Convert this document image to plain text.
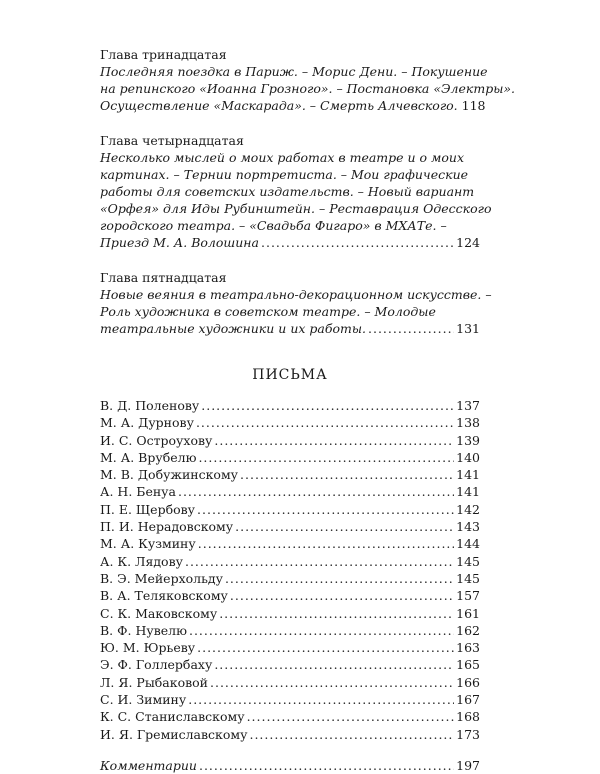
Глава тринадцатая
Последняя поездка в Париж. – Морис Дени. – Покушение
на репинского «Иоанна Грозного». – Постановка «Электры».
Осуществление «Маскарада». – Смерть Алчевского. 118
Глава четырнадцатая
Несколько мыслей о моих работах в театре и о моих
картинах. – Тернии портретиста. – Мои графические
работы для советских издательств. – Новый вариант
«Орфея» для Иды Рубинштейн. – Реставрация Одесского
городского театра. – «Свадьба Фигаро» в МХАТе. –
Приезд М. А. Волошина .....	124
Глава пятнадцатая
Новые веяния в театрально-декорационном искусстве. –
Роль художника в советском театре. – Молодые
театральные художники и их работы. .....	131
ПИСЬМА
В. Д. Поленову .....	137
М. А. Дурнову .....	138
И. С. Остроухову .....	139
М. А. Врубелю .....	140
М. В. Добужинскому .....	141
А. Н. Бенуа .....	141
П. Е. Щербову .....	142
П. И. Нерадовскому .....	143
М. А. Кузмину .....	144
А. К. Лядову .....	145
В. Э. Мейерхольду .....	145
В. А. Теляковскому .....	157
С. К. Маковскому .....	161
В. Ф. Нувелю .....	162
Ю. М. Юрьеву .....	163
Э. Ф. Голлербаху .....	165
Л. Я. Рыбаковой .....	166
С. И. Зимину .....	167
К. С. Станиславскому .....	168
И. Я. Гремиславскому .....	173
Комментарии .....	197
